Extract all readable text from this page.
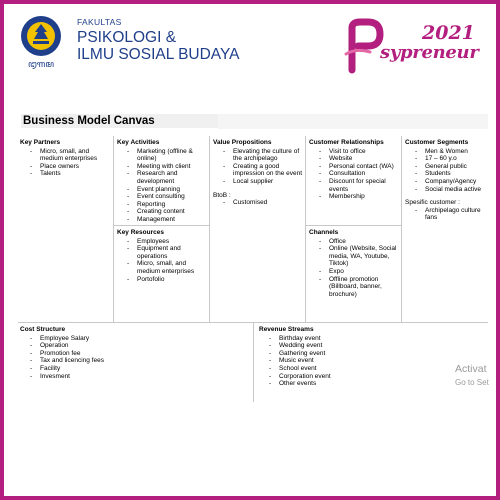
ꦈꦒꦩ
FAKULTAS
PSIKOLOGI &
ILMU SOSIAL BUDAYA
2021
sypreneur
Business Model Canvas
Key Partners
- Micro, small, and medium enterprises
- Place owners
- Talents
Key Activities
- Marketing (offline & online)
- Meeting with client
- Research and development
- Event planning
- Event consulting
- Reporting
- Creating content
- Management
Key Resources
- Employees
- Equipment and operations
- Micro, small, and medium enterprises
- Portofolio
Value Propositions
- Elevating the culture of the archipelago
- Creating a good impression on the event
- Local supplier

BtoB :

- Customised
Customer Relationships
- Visit to office
- Website
- Personal contact (WA)
- Consultation
- Discount for special events
- Membership
Channels
- Office
- Online (Website, Social media, WA, Youtube, Tiktok)
- Expo
- Offline promotion (Billboard, banner, brochure)
Customer Segments
- Men & Women
- 17 – 60 y.o
- General public
- Students
- Company/Agency
- Social media active

Spesific customer :

- Archipelago culture fans
Cost Structure
- Employee Salary
- Operation
- Promotion fee
- Tax and licencing fees
- Facility
- Invesment
Revenue Streams
- Birthday event
- Wedding event
- Gathering event
- Music event
- School event
- Corporation event
- Other events
Activat
Go to Set
